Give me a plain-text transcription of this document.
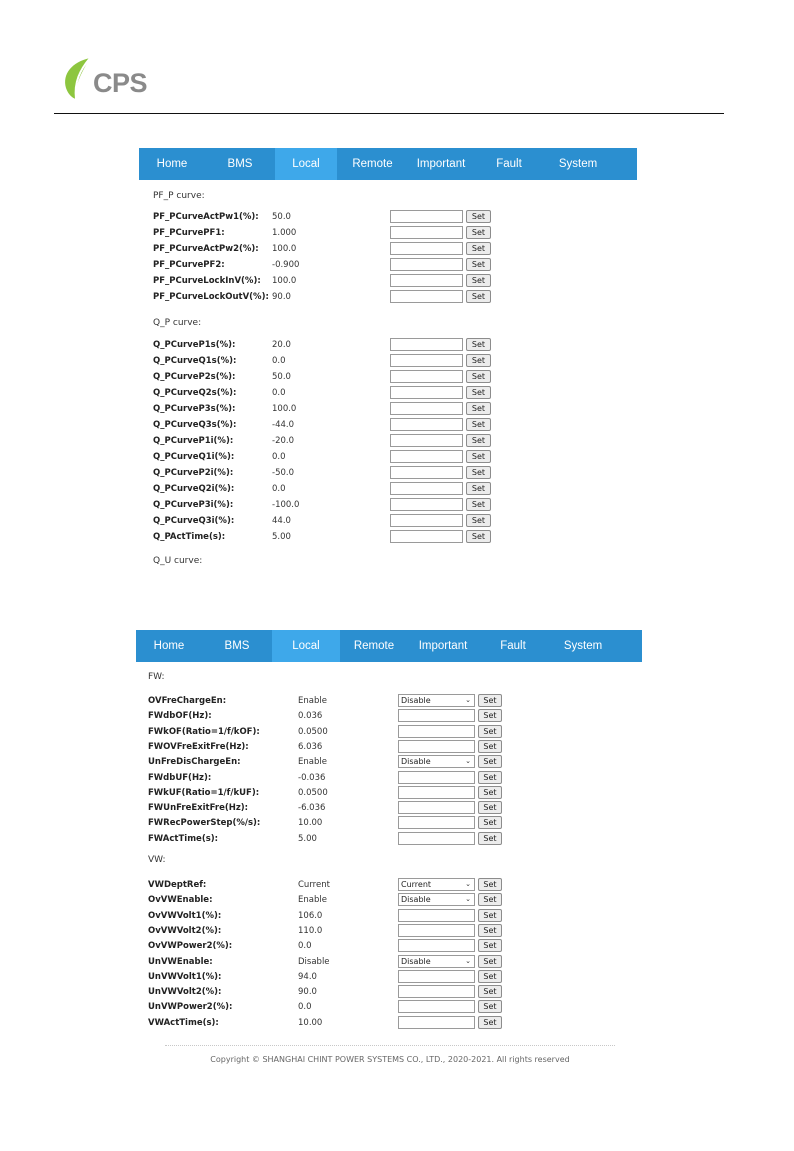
CPS
Home	BMS	Local	Remote	Important	Fault	System
PF_P curve:
PF_PCurveActPw1(%): 50.0	Set
PF_PCurvePF1:	1.000	Set
PF_PCurveActPw2(%): 100.0	Set
PF_PCurvePF2:	-0.900	Set
PF_PCurveLockInV(%): 100.0	Set
PF_PCurveLockOutV(%): 90.0	Set
Q_P curve:
Q_PCurveP1s(%):	20.0	Set
Q_PCurveQ1s(%):	0.0	Set
Q_PCurveP2s(%):	50.0	Set
Q_PCurveQ2s(%):	0.0	Set
Q_PCurveP3s(%):	100.0	Set
Q_PCurveQ3s(%):	-44.0	Set
Q_PCurveP1i(%):	-20.0	Set
Q_PCurveQ1i(%):	0.0	Set
Q_PCurveP2i(%):	-50.0	Set
Q_PCurveQ2i(%):	0.0	Set
Q_PCurveP3i(%):	-100.0	Set
Q_PCurveQ3i(%):	44.0	Set
Q_PActTime(s):	5.00	Set
Q_U curve:
Home	BMS	Local	Remote	Important	Fault	System
FW:
OVFreChargeEn:	Enable	Disable	⌄	Set
FWdbOF(Hz):	0.036	Set
FWkOF(Ratio=1/f/kOF):	0.0500	Set
FWOVFreExitFre(Hz):	6.036	Set
UnFreDisChargeEn:	Enable	Disable	⌄	Set
FWdbUF(Hz):	-0.036	Set
FWkUF(Ratio=1/f/kUF):	0.0500	Set
FWUnFreExitFre(Hz):	-6.036	Set
FWRecPowerStep(%/s):	10.00	Set
FWActTime(s):	5.00	Set
VW:
VWDeptRef:	Current	Current	⌄	Set
OvVWEnable:	Enable	Disable	⌄	Set
OvVWVolt1(%):	106.0	Set
OvVWVolt2(%):	110.0	Set
OvVWPower2(%):	0.0	Set
UnVWEnable:	Disable	Disable	⌄	Set
UnVWVolt1(%):	94.0	Set
UnVWVolt2(%):	90.0	Set
UnVWPower2(%):	0.0	Set
VWActTime(s):	10.00	Set
Copyright © SHANGHAI CHINT POWER SYSTEMS CO., LTD., 2020-2021. All rights reserved
